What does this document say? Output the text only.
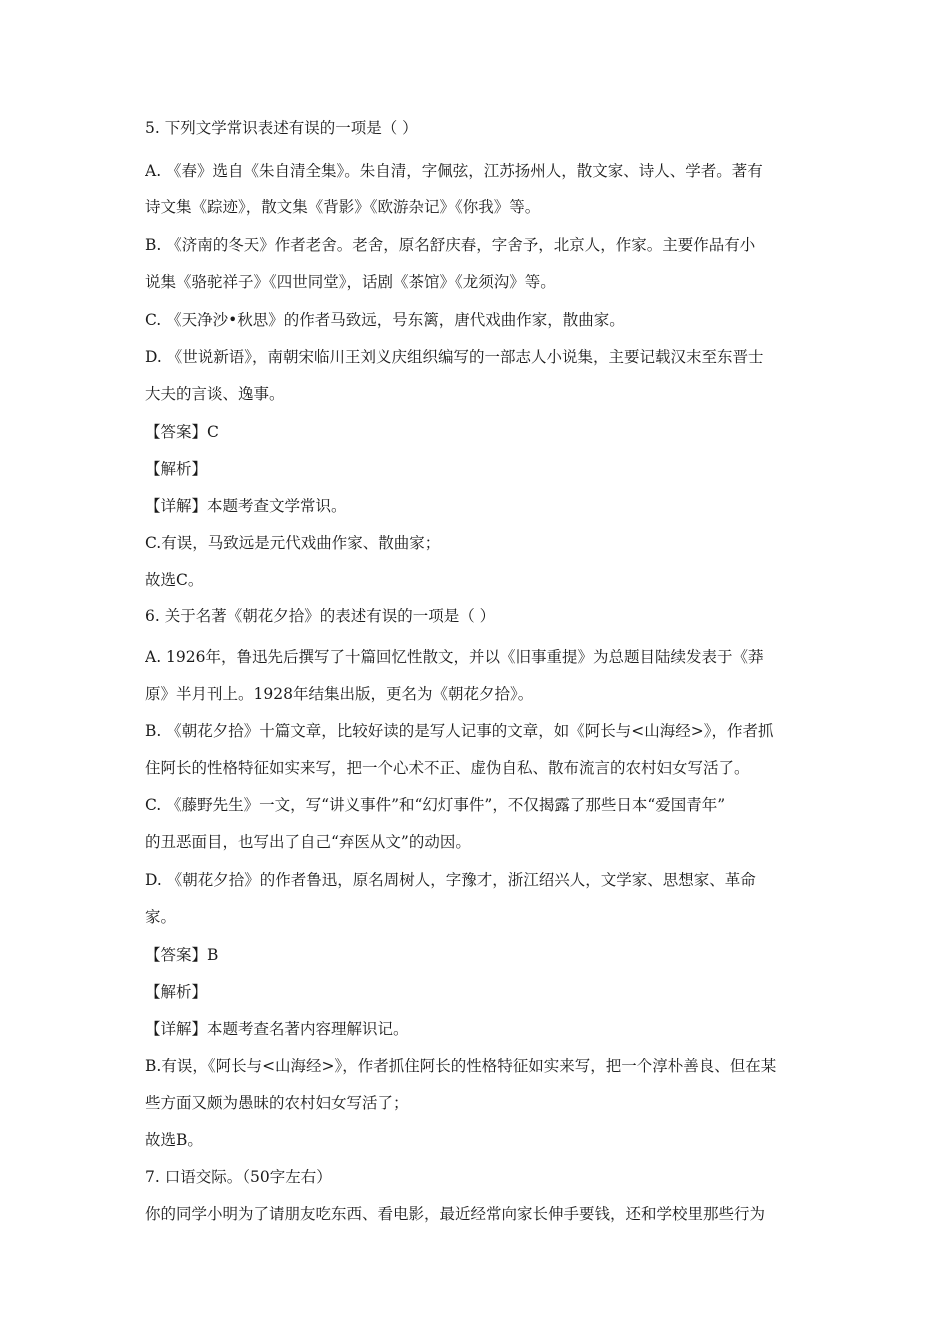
5. 下列文学常识表述有误的一项是（ ）
A. 《春》选自《朱自清全集》。朱自清，字佩弦，江苏扬州人，散文家、诗人、学者。著有
诗文集《踪迹》，散文集《背影》《欧游杂记》《你我》等。
B. 《济南的冬天》作者老舍。老舍，原名舒庆春，字舍予，北京人，作家。主要作品有小
说集《骆驼祥子》《四世同堂》，话剧《茶馆》《龙须沟》等。
C. 《天净沙•秋思》的作者马致远，号东篱，唐代戏曲作家，散曲家。
D. 《世说新语》，南朝宋临川王刘义庆组织编写的一部志人小说集，主要记载汉末至东晋士
大夫的言谈、逸事。
【答案】C
【解析】
【详解】本题考查文学常识。
C.有误，马致远是元代戏曲作家、散曲家；
故选C。
6. 关于名著《朝花夕拾》的表述有误的一项是（ ）
A. 1926年，鲁迅先后撰写了十篇回忆性散文，并以《旧事重提》为总题目陆续发表于《莽
原》半月刊上。1928年结集出版，更名为《朝花夕拾》。
B. 《朝花夕拾》十篇文章，比较好读的是写人记事的文章，如《阿长与<山海经>》，作者抓
住阿长的性格特征如实来写，把一个心术不正、虚伪自私、散布流言的农村妇女写活了。
C. 《藤野先生》一文，写“讲义事件”和“幻灯事件”，不仅揭露了那些日本“爱国青年”
的丑恶面目，也写出了自己“弃医从文”的动因。
D. 《朝花夕拾》的作者鲁迅，原名周树人，字豫才，浙江绍兴人，文学家、思想家、革命
家。
【答案】B
【解析】
【详解】本题考查名著内容理解识记。
B.有误，《阿长与<山海经>》，作者抓住阿长的性格特征如实来写，把一个淳朴善良、但在某
些方面又颇为愚昧的农村妇女写活了；
故选B。
7. 口语交际。（50字左右）
你的同学小明为了请朋友吃东西、看电影，最近经常向家长伸手要钱，还和学校里那些行为
